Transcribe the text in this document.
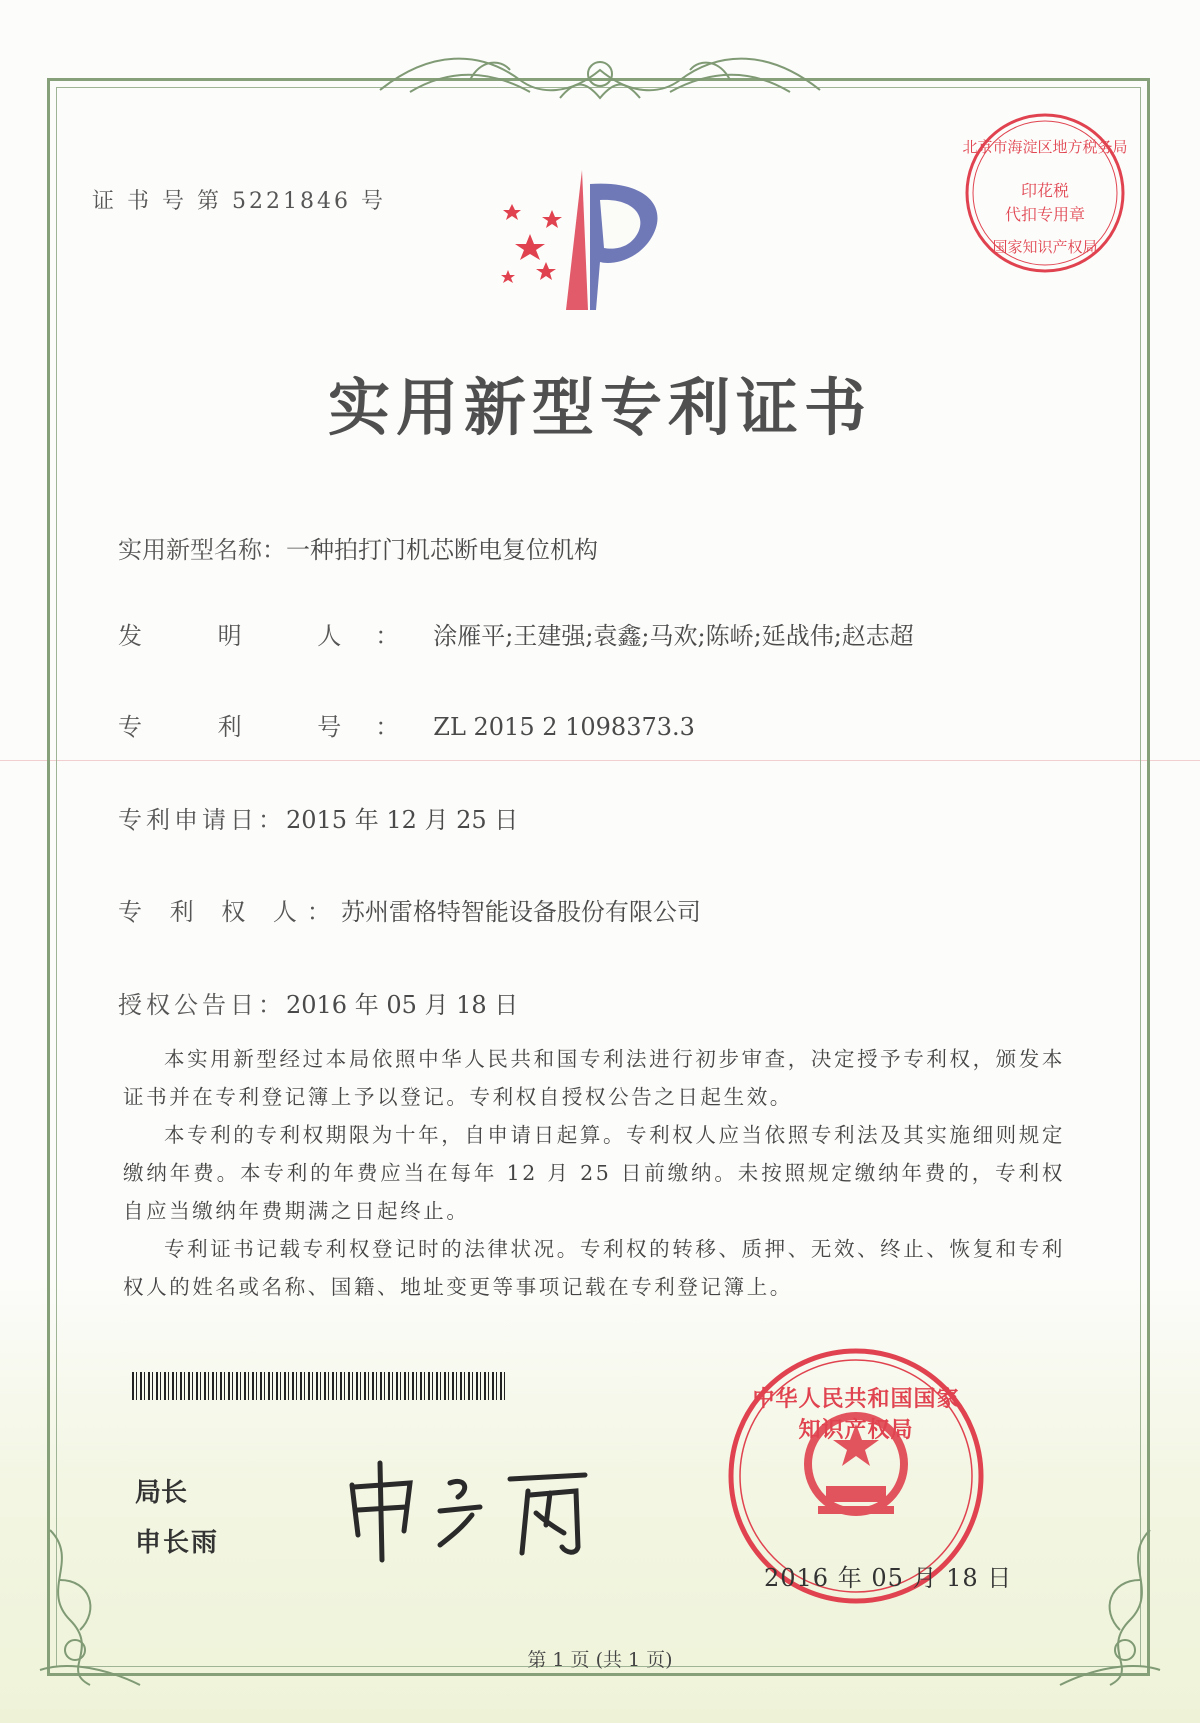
证 书 号 第 5221846 号
北京市海淀区地方税务局
印花税
代扣专用章
国家知识产权局
实用新型专利证书
实用新型名称：一种拍打门机芯断电复位机构
发 明 人：涂雁平;王建强;袁鑫;马欢;陈峤;延战伟;赵志超
专 利 号：ZL 2015 2 1098373.3
专利申请日：2015 年 12 月 25 日
专 利 权 人：苏州雷格特智能设备股份有限公司
授权公告日：2016 年 05 月 18 日

本实用新型经过本局依照中华人民共和国专利法进行初步审查，决定授予专利权，颁发本证书并在专利登记簿上予以登记。专利权自授权公告之日起生效。

本专利的专利权期限为十年，自申请日起算。专利权人应当依照专利法及其实施细则规定缴纳年费。本专利的年费应当在每年 12 月 25 日前缴纳。未按照规定缴纳年费的，专利权自应当缴纳年费期满之日起终止。

专利证书记载专利权登记时的法律状况。专利权的转移、质押、无效、终止、恢复和专利权人的姓名或名称、国籍、地址变更等事项记载在专利登记簿上。

局长
申长雨
中华人民共和国国家知识产权局
2016 年 05 月 18 日
第 1 页 (共 1 页)
